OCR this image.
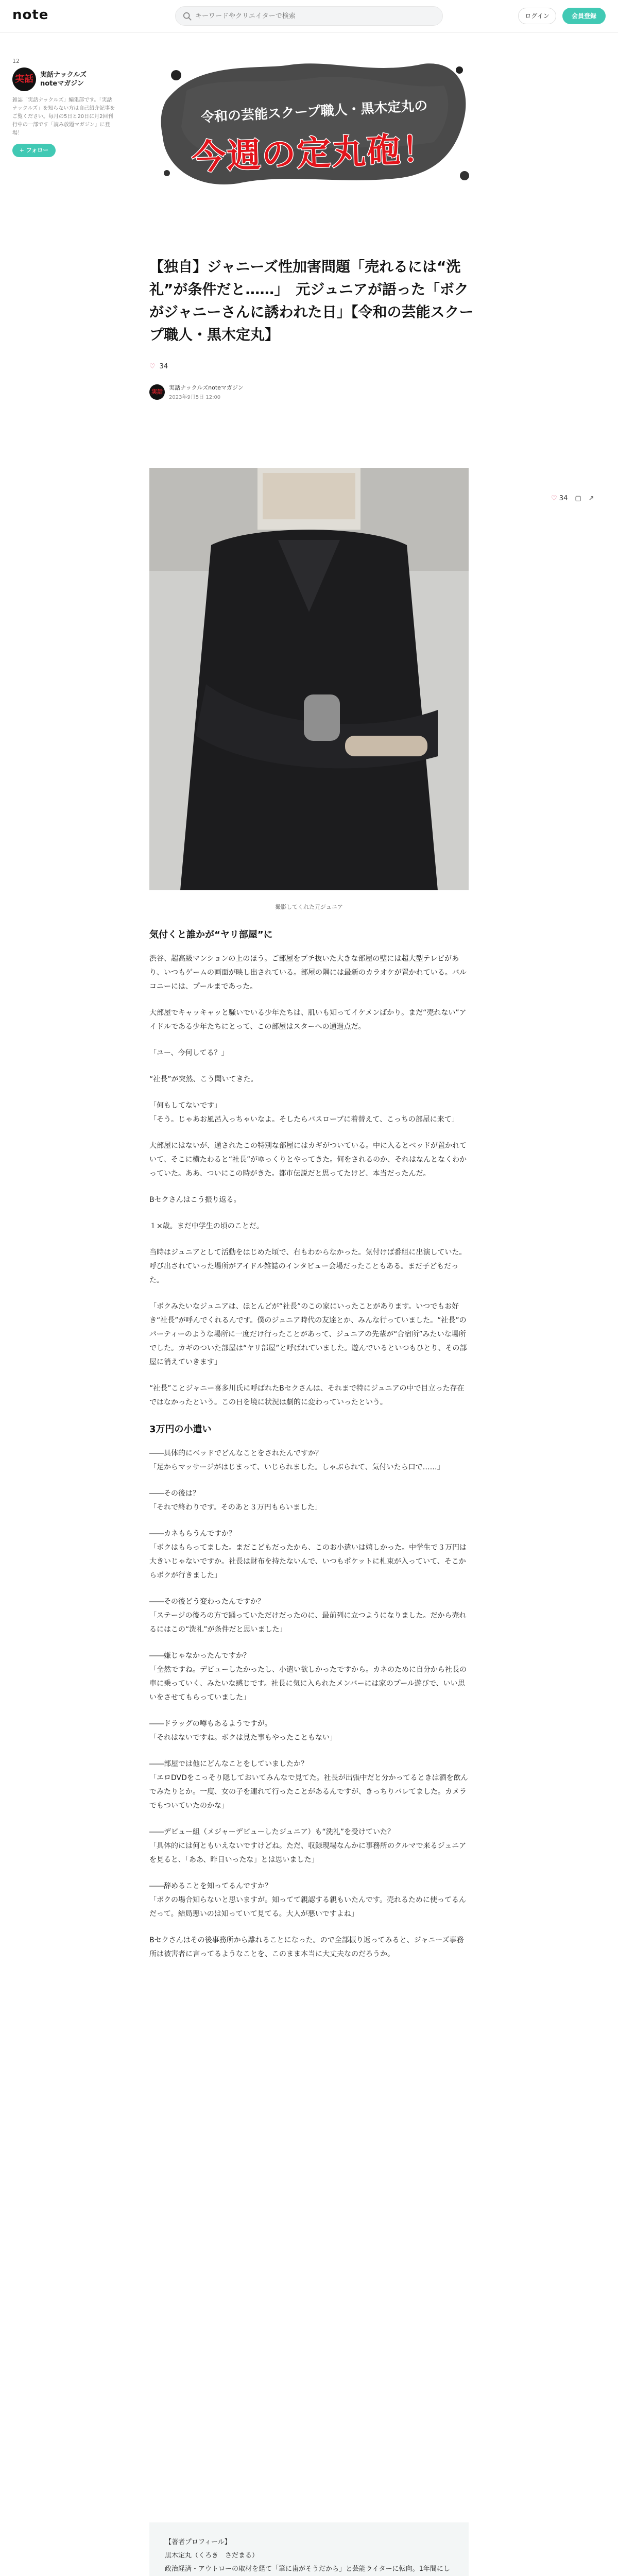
note
キーワードやクリエイターで検索	ログイン	会員登録
12
実話	実話ナックルズ
noteマガジン
雑誌「実話ナックルズ」編集部です。「実話ナックルズ」を知らない方は自己紹介記事をご覧ください。毎月の5日と20日に月2回刊行中の一部です「読み放題マガジン」に登場！
+ フォロー
令和の芸能スクープ職人・黒木定丸の
今週の定丸砲！
【独自】ジャニーズ性加害問題「売れるには“洗礼”が条件だと……」　元ジュニアが語った「ボクがジャニーさんに誘われた日」【令和の芸能スクープ職人・黒木定丸】
♡ 34
実話
実話ナックルズnoteマガジン
2023年9月5日 12:00
♡ 34 ▢ ↗
撮影してくれた元ジュニア
気付くと誰かが“ヤリ部屋”に

渋谷、超高級マンションの上のほう。ご部屋をプチ抜いた大きな部屋の壁には超大型テレビがあり、いつもゲームの画面が映し出されている。部屋の隅には最新のカラオケが置かれている。バルコニーには、プールまであった。

大部屋でキャッキャッと騒いでいる少年たちは、肌いも知ってイケメンばかり。まだ“売れない”アイドルである少年たちにとって、この部屋はスターへの通過点だ。

「ユー、今何してる？」

“社長”が突然、こう聞いてきた。

「何もしてないです」
「そう。じゃあお風呂入っちゃいなよ。そしたらバスローブに着替えて、こっちの部屋に来て」

大部屋にはないが、通されたこの特別な部屋にはカギがついている。中に入るとベッドが置かれていて、そこに横たわると“社長”がゆっくりとやってきた。何をされるのか、それはなんとなくわかっていた。ああ、ついにこの時がきた。都市伝説だと思ってたけど、本当だったんだ。

Bセクさんはこう振り返る。

１×歳。まだ中学生の頃のことだ。

当時はジュニアとして活動をはじめた頃で、右もわからなかった。気付けば番組に出演していた。呼び出されていった場所がアイドル雑誌のインタビュー会場だったこともある。まだ子どもだった。

「ボクみたいなジュニアは、ほとんどが“社長”のこの家にいったことがあります。いつでもお好き“社長”が呼んでくれるんです。僕のジュニア時代の友達とか、みんな行っていました。“社長”のパーティーのような場所に一度だけ行ったことがあって、ジュニアの先輩が“合宿所”みたいな場所でした。カギのついた部屋は“ヤリ部屋”と呼ばれていました。遊んでいるといつもひとり、その部屋に消えていきます」

“社長”ことジャニー喜多川氏に呼ばれたBセクさんは、それまで特にジュニアの中で目立った存在ではなかったという。この日を境に状況は劇的に変わっていったという。

3万円の小遣い

――具体的にベッドでどんなことをされたんですか？
「足からマッサージがはじまって、いじられました。しゃぶられて、気付いたら口で……」

――その後は？
「それで終わりです。そのあと３万円もらいました」

――カネもらうんですか？
「ボクはもらってました。まだこどもだったから、このお小遣いは嬉しかった。中学生で３万円は大きいじゃないですか。社長は財布を持たないんで、いつもポケットに札束が入っていて、そこからボクが行きました」

――その後どう変わったんですか？
「ステージの後ろの方で踊っていただけだったのに、最前列に立つようになりました。だから売れるにはこの“洗礼”が条件だと思いました」

――嫌じゃなかったんですか？
「全然ですね。デビューしたかったし、小遣い欲しかったですから。カネのために自分から社長の車に乗っていく、みたいな感じです。社長に気に入られたメンバーには家のプール遊びで、いい思いをさせてもらっていました」

――ドラッグの噂もあるようですが。
「それはないですね。ボクは見た事もやったこともない」

――部屋では他にどんなことをしていましたか？
「エロDVDをこっそり隠しておいてみんなで見てた。社長が出張中だと分かってるときは酒を飲んでみたりとか。一度、女の子を連れて行ったことがあるんですが、きっちりバレてました。カメラでもついていたのかな」

――デビュー組（メジャーデビューしたジュニア）も“洗礼”を受けていた？
「具体的には何ともいえないですけどね。ただ、収録現場なんかに事務所のクルマで来るジュニアを見ると、「ああ、昨日いったな」とは思いました」

――辞めることを知ってるんですか？
「ボクの場合知らないと思いますが。知ってて親認する親もいたんです。売れるために使ってるんだって。結局悪いのは知っていて見てる。大人が悪いですよね」

Bセクさんはその後事務所から離れることになった。ので全部振り返ってみると、ジャニーズ事務所は被害者に言ってるようなことを、このまま本当に大丈夫なのだろうか。

【著者プロフィール】
黒木定丸（くろき　さだまる）
政治経済・アウトローの取材を経て「筆に歯がそうだから」と芸能ライターに転向。1年間にし
